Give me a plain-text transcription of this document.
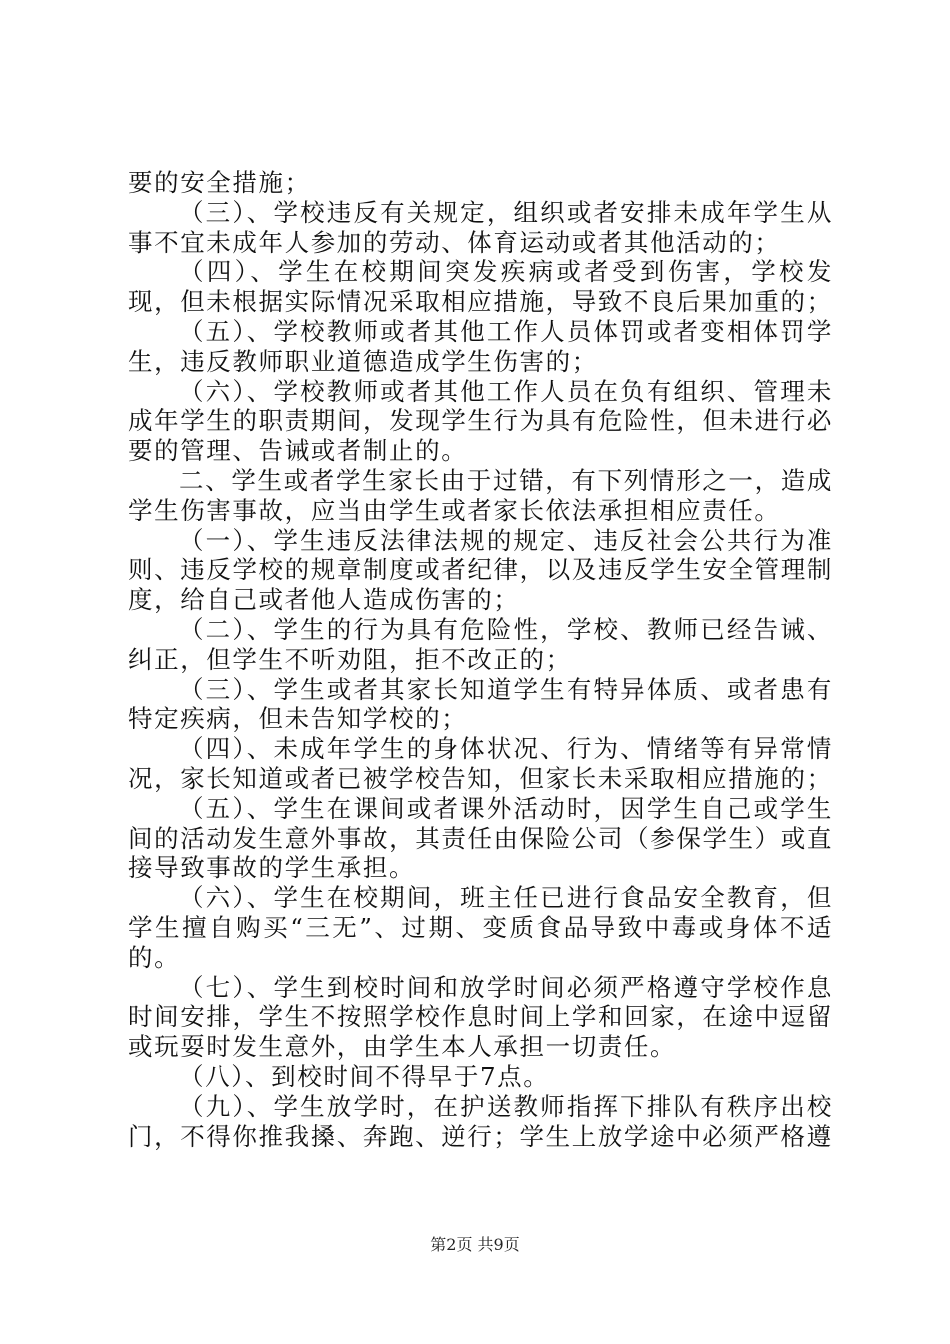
要的安全措施；

（三）、学校违反有关规定，组织或者安排未成年学生从事不宜未成年人参加的劳动、体育运动或者其他活动的；

（四）、学生在校期间突发疾病或者受到伤害，学校发现，但未根据实际情况采取相应措施，导致不良后果加重的；

（五）、学校教师或者其他工作人员体罚或者变相体罚学生，违反教师职业道德造成学生伤害的；

（六）、学校教师或者其他工作人员在负有组织、管理未成年学生的职责期间，发现学生行为具有危险性，但未进行必要的管理、告诫或者制止的。

二、学生或者学生家长由于过错，有下列情形之一，造成学生伤害事故，应当由学生或者家长依法承担相应责任。

（一）、学生违反法律法规的规定、违反社会公共行为准则、违反学校的规章制度或者纪律，以及违反学生安全管理制度，给自己或者他人造成伤害的；

（二）、学生的行为具有危险性，学校、教师已经告诫、纠正，但学生不听劝阻，拒不改正的；

（三）、学生或者其家长知道学生有特异体质、或者患有特定疾病，但未告知学校的；

（四）、未成年学生的身体状况、行为、情绪等有异常情况，家长知道或者已被学校告知，但家长未采取相应措施的；

（五）、学生在课间或者课外活动时，因学生自己或学生间的活动发生意外事故，其责任由保险公司（参保学生）或直接导致事故的学生承担。

（六）、学生在校期间，班主任已进行食品安全教育，但学生擅自购买“三无”、过期、变质食品导致中毒或身体不适的。

（七）、学生到校时间和放学时间必须严格遵守学校作息时间安排，学生不按照学校作息时间上学和回家，在途中逗留或玩耍时发生意外，由学生本人承担一切责任。

（八）、到校时间不得早于7点。

（九）、学生放学时，在护送教师指挥下排队有秩序出校门，不得你推我搡、奔跑、逆行；学生上放学途中必须严格遵

第2页 共9页
